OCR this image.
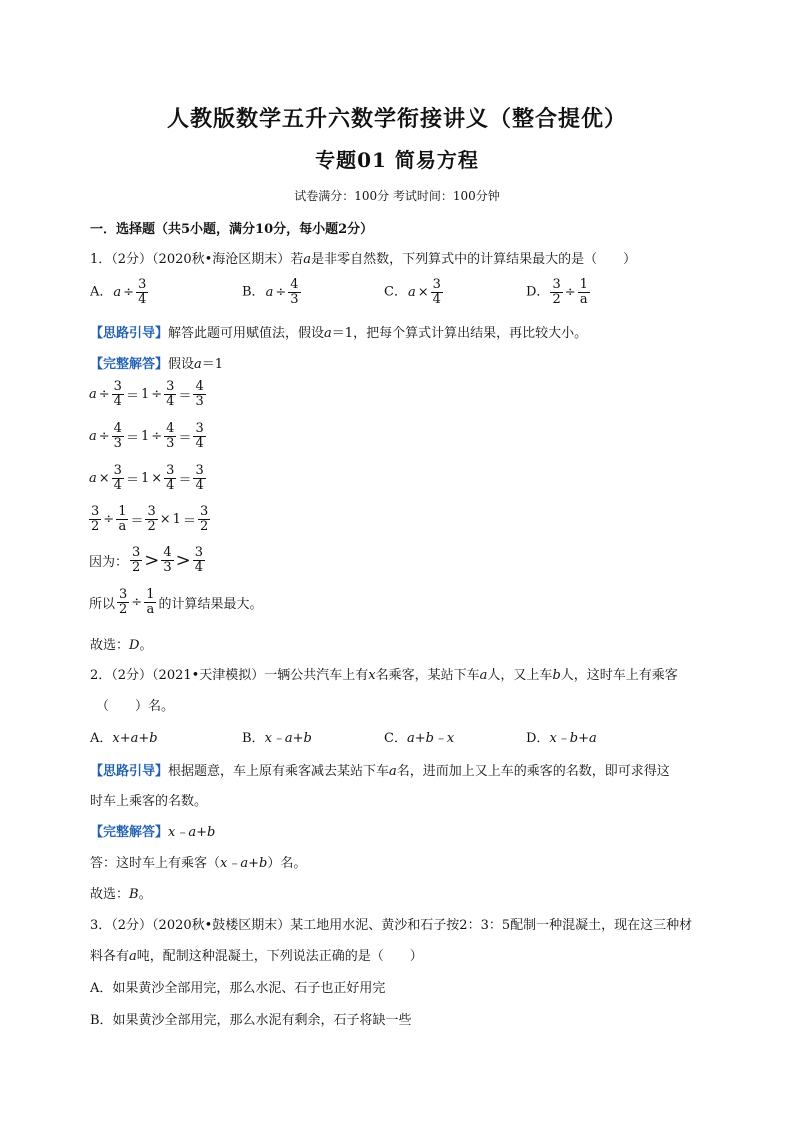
人教版数学五升六数学衔接讲义（整合提优）
专题01 简易方程
试卷满分：100分 考试时间：100分钟
一．选择题（共5小题，满分10分，每小题2分）
1．（2分）（2020秋•海沧区期末）若a是非零自然数，下列算式中的计算结果最大的是（　　）
A．$a \div \frac{3}{4}$	B．$a \div \frac{4}{3}$	C．$a \times \frac{3}{4}$	D． $\frac{3}{2} \div \frac{1}{a}$
【思路引导】解答此题可用赋值法，假设a＝1，把每个算式计算出结果，再比较大小。
【完整解答】假设a＝1
$a \div \frac{3}{4} = 1 \div \frac{3}{4} = \frac{4}{3}$
$a \div \frac{4}{3} = 1 \div \frac{4}{3} = \frac{3}{4}$
$a \times \frac{3}{4} = 1 \times \frac{3}{4} = \frac{3}{4}$
$\frac{3}{2} \div \frac{1}{a} = \frac{3}{2} \times 1 = \frac{3}{2}$
因为： $\frac{3}{2} > \frac{4}{3} > \frac{3}{4}$
所以 $\frac{3}{2} \div \frac{1}{a}$ 的计算结果最大。
故选：D。
2．（2分）（2021•天津模拟）一辆公共汽车上有x名乘客，某站下车a人，又上车b人，这时车上有乘客
（　　）名。
A．x+a+b	B．x﹣a+b	C．a+b﹣x	D．x﹣b+a
【思路引导】根据题意，车上原有乘客减去某站下车a名，进而加上又上车的乘客的名数，即可求得这
时车上乘客的名数。
【完整解答】x﹣a+b
答：这时车上有乘客（x﹣a+b）名。
故选：B。
3．（2分）（2020秋•鼓楼区期末）某工地用水泥、黄沙和石子按2：3：5配制一种混凝土，现在这三种材
料各有a吨，配制这种混凝土，下列说法正确的是（　　）
A．如果黄沙全部用完，那么水泥、石子也正好用完
B．如果黄沙全部用完，那么水泥有剩余，石子将缺一些
